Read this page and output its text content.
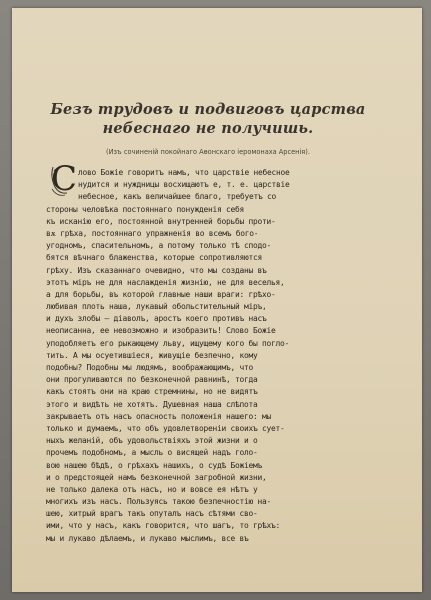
Безъ трудовъ и подвиговъ царства
небеснаго не получишь.

(Изъ сочиненiй покойнаго Аѳонскаго iеромонаха Арсенiя).

С лово Божiе говоритъ намъ, что царствiе небесное
нудится и нуждницы восхищаютъ е, т. е. царствiе
небесное, какъ величайшее благо, требуетъ со
стороны человѣка постояннаго понужденiя себя
къ исканiю его, постоянной внутренней борьбы проти-
вѫ грѣха, постояннаго упражненiя во всемъ бого-
угодномъ, спасительномъ, а потому только тѣ сподо-
бятся вѣчнаго блаженства, которые сопротивляются
грѣху. Изъ сказаннаго очевидно, что мы созданы въ
этотъ мiръ не для наслажденiя жизнiю, не для веселья,
а для борьбы, въ которой главные наши враги: грѣхо-
любивая плоть наша, лукавый обольстительный мiръ,
и духъ злобы — дiаволъ, аростъ коего противъ насъ
неописанна, ее невозможно и изобразить! Слово Божiе
уподобляетъ его рыкающему льву, ищущему кого бы погло-
тить. А мы осуетившiеся, живущiе безпечно, кому
подобны? Подобны мы людямъ, воображающимъ, что
они прогуливаются по безконечной равнинѣ, тогда
какъ стоятъ они на краю стремнины, но не видятъ
этого и видѣть не хотятъ. Душевная наша слѣпота
закрываетъ отъ насъ опасность положенiя нашего: мы
только и думаемъ, что объ удовлетворенiи своихъ сует-
ныхъ желанiй, объ удовольствiяхъ этой жизни и о
прочемъ подобномъ, а мысль о висящей надъ голо-
вою нашею бѣдѣ, о грѣхахъ нашихъ, о судѣ Божiемъ
и о предстоящей намъ безконечной загробной жизни,
не только далека отъ насъ, но и вовсе ея нѣтъ у
многихъ изъ насъ. Пользуясь такою безпечностiю на-
шею, хитрый врагъ такъ опуталъ насъ сѣтями сво-
ими, что у насъ, какъ говорится, что шагъ, то грѣхъ:
мы и лукаво дѣлаемъ, и лукаво мыслимъ, все въ
